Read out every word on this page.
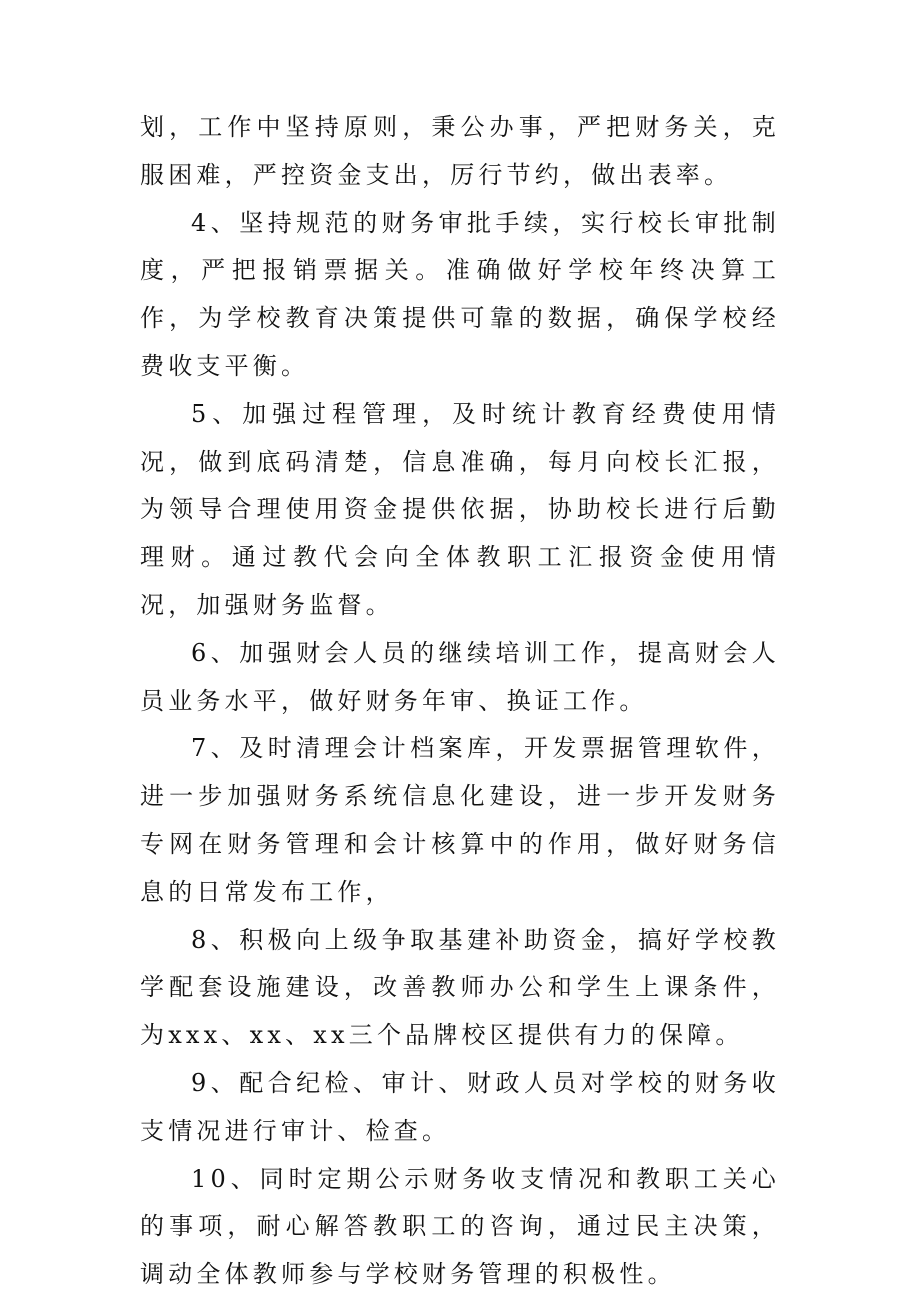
划，工作中坚持原则，秉公办事，严把财务关，克服困难，严控资金支出，厉行节约，做出表率。

4、坚持规范的财务审批手续，实行校长审批制度，严把报销票据关。准确做好学校年终决算工作，为学校教育决策提供可靠的数据，确保学校经费收支平衡。

5、加强过程管理，及时统计教育经费使用情况，做到底码清楚，信息准确，每月向校长汇报，为领导合理使用资金提供依据，协助校长进行后勤理财。通过教代会向全体教职工汇报资金使用情况，加强财务监督。

6、加强财会人员的继续培训工作，提高财会人员业务水平，做好财务年审、换证工作。

7、及时清理会计档案库，开发票据管理软件，进一步加强财务系统信息化建设，进一步开发财务专网在财务管理和会计核算中的作用，做好财务信息的日常发布工作，

8、积极向上级争取基建补助资金，搞好学校教学配套设施建设，改善教师办公和学生上课条件，为xxx、xx、xx三个品牌校区提供有力的保障。

9、配合纪检、审计、财政人员对学校的财务收支情况进行审计、检查。

10、同时定期公示财务收支情况和教职工关心的事项，耐心解答教职工的咨询，通过民主决策，调动全体教师参与学校财务管理的积极性。
